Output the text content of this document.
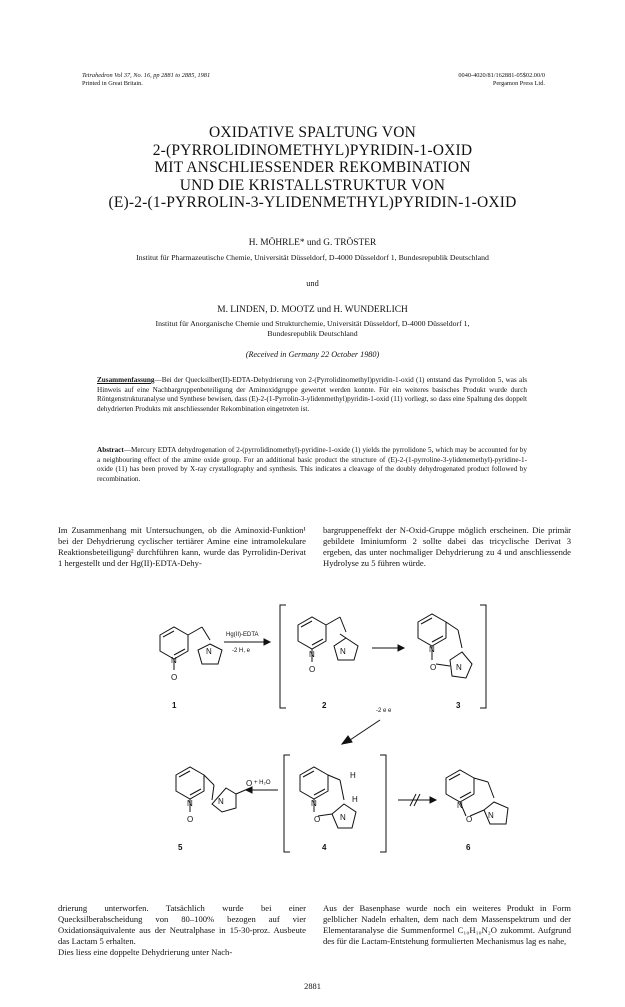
Tetrahedron Vol 37, No. 16, pp 2881 to 2885, 1981
Printed in Great Britain.
0040-4020/81/162881-05$02.00/0
Pergamon Press Ltd.
OXIDATIVE SPALTUNG VON
2-(PYRROLIDINOMETHYL)PYRIDIN-1-OXID
MIT ANSCHLIESSENDER REKOMBINATION
UND DIE KRISTALLSTRUKTUR VON
(E)-2-(1-PYRROLIN-3-YLIDENMETHYL)PYRIDIN-1-OXID
H. MÖHRLE* und G. TRÖSTER
Institut für Pharmazeutische Chemie, Universität Düsseldorf, D-4000 Düsseldorf 1, Bundesrepublik Deutschland
und
M. LINDEN, D. MOOTZ und H. WUNDERLICH
Institut für Anorganische Chemie und Strukturchemie, Universität Düsseldorf, D-4000 Düsseldorf 1,
Bundesrepublik Deutschland
(Received in Germany 22 October 1980)
Zusammenfassung—Bei der Quecksilber(II)-EDTA-Dehydrierung von 2-(Pyrrolidinomethyl)pyridin-1-oxid (1) entstand das Pyrrolidon 5, was als Hinweis auf eine Nachbargruppenbeteiligung der Aminoxidgruppe gewertet werden konnte. Für ein weiteres basisches Produkt wurde durch Röntgenstrukturanalyse und Synthese bewisen, dass (E)-2-(1-Pyrrolin-3-ylidenmethyl)pyridin-1-oxid (11) vorliegt, so dass eine Spaltung des doppelt dehydrierten Produkts mit anschliessender Rekombination eingetreten ist.
Abstract—Mercury EDTA dehydrogenation of 2-(pyrrolidinomethyl)-pyridine-1-oxide (1) yields the pyrrolidone 5, which may be accounted for by a neighbouring effect of the amine oxide group. For an additional basic product the structure of (E)-2-(1-pyrroline-3-ylidenemethyl)-pyridine-1-oxide (11) has been proved by X-ray crystallography and synthesis. This indicates a cleavage of the doubly dehydrogenated product followed by recombination.
Im Zusammenhang mit Untersuchungen, ob die Aminoxid-Funktion¹ bei der Dehydrierung cyclischer tertiärer Amine eine intramolekulare Reaktionsbeteiligung² durchführen kann, wurde das Pyrrolidin-Derivat 1 hergestellt und der Hg(II)-EDTA-Dehy-
bargruppeneffekt der N-Oxid-Gruppe möglich erscheinen. Die primär gebildete Iminiumform 2 sollte dabei das tricyclische Derivat 3 ergeben, das unter nochmaliger Dehydrierung zu 4 und anschliessende Hydrolyse zu 5 führen würde.
N
O
N	N
O
N	N
O N
N
O
N
O
N
O N
H
H
N
O N
Hg(II)-EDTA
-2 H, e
-2 e e
+ H₂O
1	2	3
4
5	6
drierung unterworfen. Tatsächlich wurde bei einer Quecksilberabscheidung von 80–100% bezogen auf vier Oxidationsäquivalente aus der Neutralphase in 15-30-proz. Ausbeute das Lactam 5 erhalten.
Dies liess eine doppelte Dehydrierung unter Nach-
Aus der Basenphase wurde noch ein weiteres Produkt in Form gelblicher Nadeln erhalten, dem nach dem Massenspektrum und der Elementaranalyse die Summenformel C₁₀H₁₀N₂O zukommt. Aufgrund des für die Lactam-Entstehung formulierten Mechanismus lag es nahe,
2881
